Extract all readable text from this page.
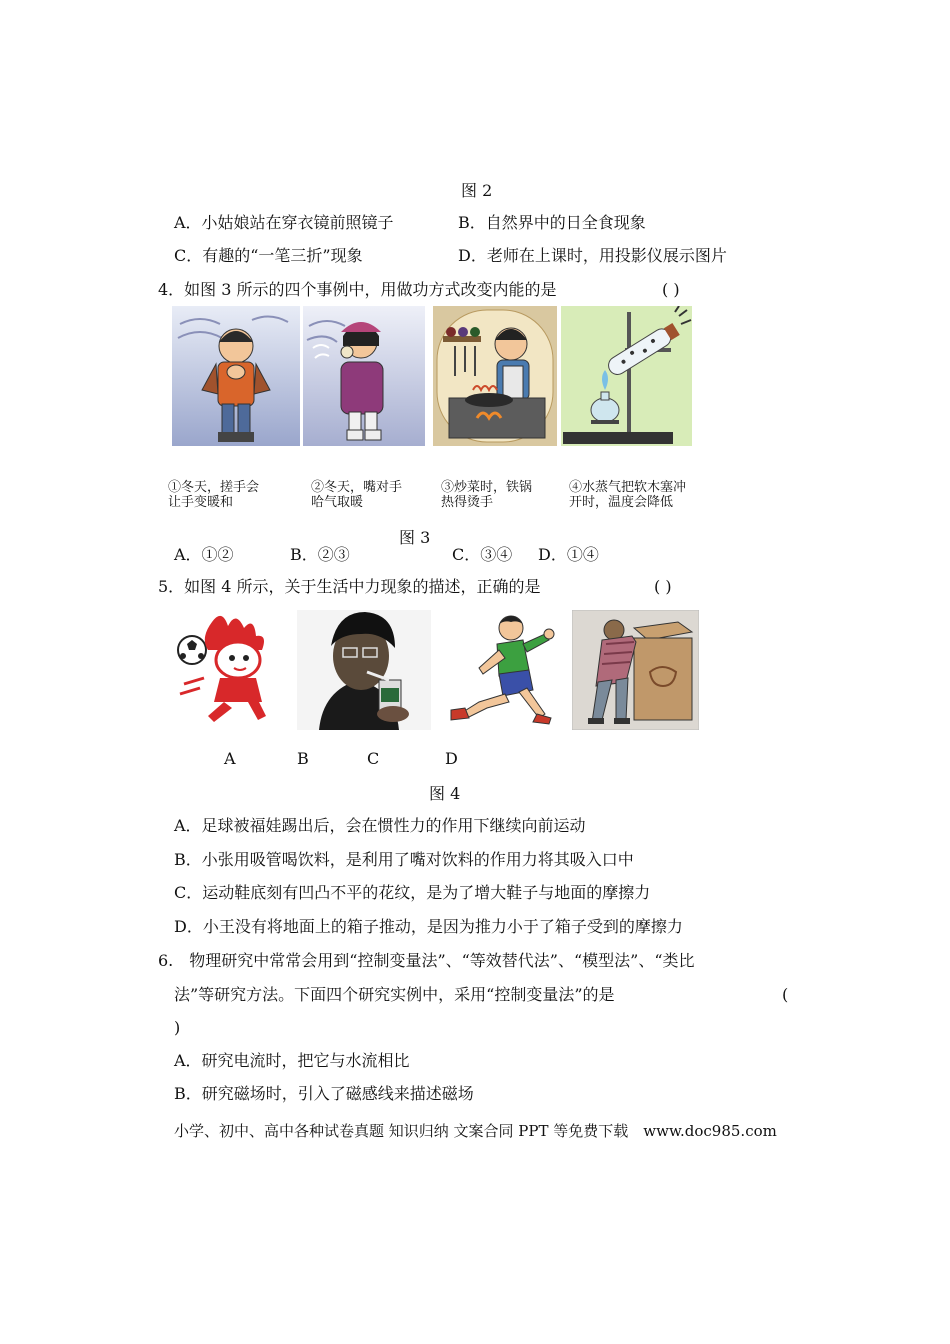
图 2
A．小姑娘站在穿衣镜前照镜子	B．自然界中的日全食现象
C．有趣的“一笔三折”现象	D．老师在上课时，用投影仪展示图片
4．如图 3 所示的四个事例中，用做功方式改变内能的是	( )
①冬天，搓手会
让手变暖和
②冬天，嘴对手
哈气取暖
③炒菜时，铁锅
热得烫手
④水蒸气把软木塞冲
开时，温度会降低
图 3
A．①②	B．②③	C．③④ D．①④
5．如图 4 所示，关于生活中力现象的描述，正确的是	( )
A	B	C	D
图 4
A．足球被福娃踢出后，会在惯性力的作用下继续向前运动
B．小张用吸管喝饮料，是利用了嘴对饮料的作用力将其吸入口中
C．运动鞋底刻有凹凸不平的花纹，是为了增大鞋子与地面的摩擦力
D．小王没有将地面上的箱子推动，是因为推力小于了箱子受到的摩擦力
6.　物理研究中常常会用到“控制变量法”、“等效替代法”、“模型法”、“类比
法”等研究方法。下面四个研究实例中，采用“控制变量法”的是	(
)
A．研究电流时，把它与水流相比
B．研究磁场时，引入了磁感线来描述磁场
小学、初中、高中各种试卷真题 知识归纳 文案合同 PPT 等免费下载　www.doc985.com
